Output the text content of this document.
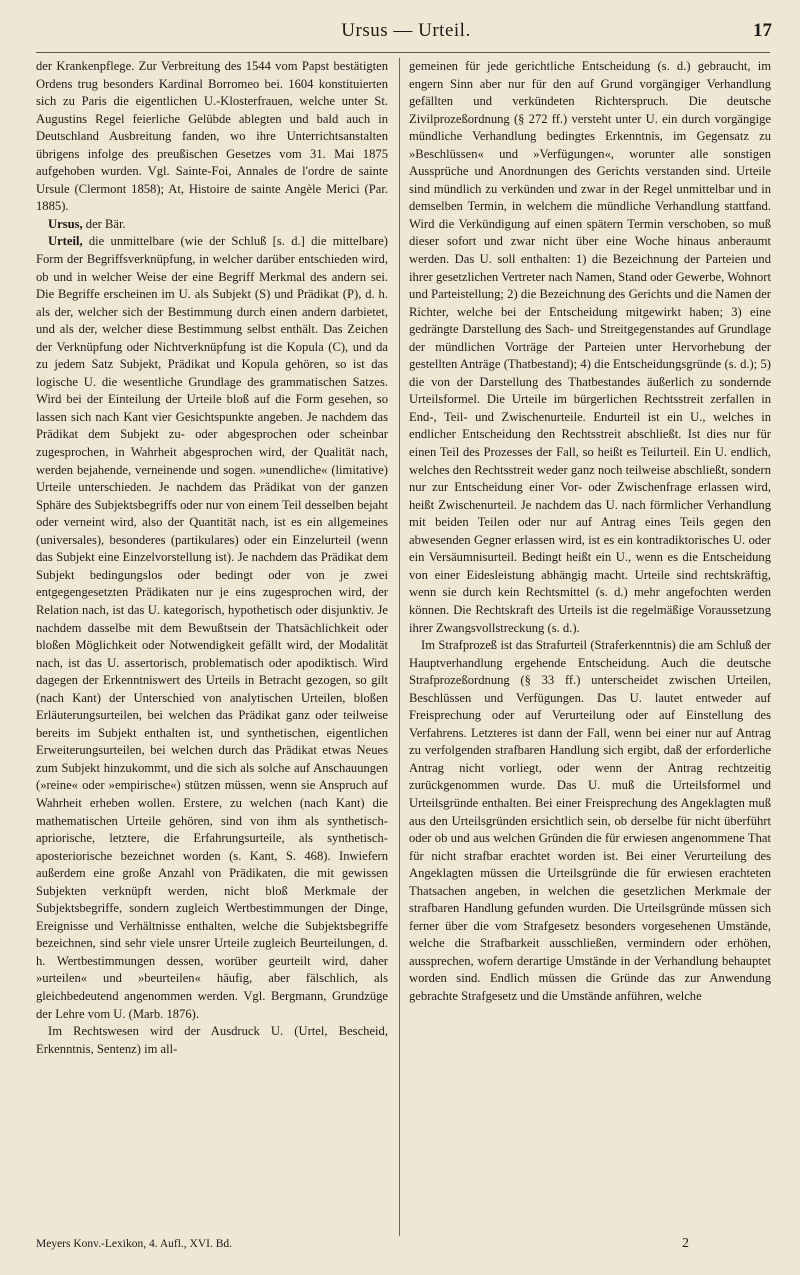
Ursus — Urteil.	17

der Krankenpflege. Zur Verbreitung des 1544 vom Papst bestätigten Ordens trug besonders Kardinal Borromeo bei. 1604 konstituierten sich zu Paris die eigentlichen U.-Klosterfrauen, welche unter St. Augustins Regel feierliche Gelübde ablegten und bald auch in Deutschland Ausbreitung fanden, wo ihre Unterrichtsanstalten übrigens infolge des preußischen Gesetzes vom 31. Mai 1875 aufgehoben wurden. Vgl. Sainte-Foi, Annales de l'ordre de sainte Ursule (Clermont 1858); At, Histoire de sainte Angèle Merici (Par. 1885).

Ursus, der Bär.

Urteil, die unmittelbare (wie der Schluß [s. d.] die mittelbare) Form der Begriffsverknüpfung, in welcher darüber entschieden wird, ob und in welcher Weise der eine Begriff Merkmal des andern sei. Die Begriffe erscheinen im U. als Subjekt (S) und Prädikat (P), d. h. als der, welcher sich der Bestimmung durch einen andern darbietet, und als der, welcher diese Bestimmung selbst enthält. Das Zeichen der Verknüpfung oder Nichtverknüpfung ist die Kopula (C), und da zu jedem Satz Subjekt, Prädikat und Kopula gehören, so ist das logische U. die wesentliche Grundlage des grammatischen Satzes. Wird bei der Einteilung der Urteile bloß auf die Form gesehen, so lassen sich nach Kant vier Gesichtspunkte angeben. Je nachdem das Prädikat dem Subjekt zu- oder abgesprochen oder scheinbar zugesprochen, in Wahrheit abgesprochen wird, der Qualität nach, werden bejahende, verneinende und sogen. »unendliche« (limitative) Urteile unterschieden. Je nachdem das Prädikat von der ganzen Sphäre des Subjektsbegriffs oder nur von einem Teil desselben bejaht oder verneint wird, also der Quantität nach, ist es ein allgemeines (universales), besonderes (partikulares) oder ein Einzelurteil (wenn das Subjekt eine Einzelvorstellung ist). Je nachdem das Prädikat dem Subjekt bedingungslos oder bedingt oder von je zwei entgegengesetzten Prädikaten nur je eins zugesprochen wird, der Relation nach, ist das U. kategorisch, hypothetisch oder disjunktiv. Je nachdem dasselbe mit dem Bewußtsein der Thatsächlichkeit oder bloßen Möglichkeit oder Notwendigkeit gefällt wird, der Modalität nach, ist das U. assertorisch, problematisch oder apodiktisch. Wird dagegen der Erkenntniswert des Urteils in Betracht gezogen, so gilt (nach Kant) der Unterschied von analytischen Urteilen, bloßen Erläuterungsurteilen, bei welchen das Prädikat ganz oder teilweise bereits im Subjekt enthalten ist, und synthetischen, eigentlichen Erweiterungsurteilen, bei welchen durch das Prädikat etwas Neues zum Subjekt hinzukommt, und die sich als solche auf Anschauungen (»reine« oder »empirische«) stützen müssen, wenn sie Anspruch auf Wahrheit erheben wollen. Erstere, zu welchen (nach Kant) die mathematischen Urteile gehören, sind von ihm als synthetisch-apriorische, letztere, die Erfahrungsurteile, als synthetisch-aposteriorische bezeichnet worden (s. Kant, S. 468). Inwiefern außerdem eine große Anzahl von Prädikaten, die mit gewissen Subjekten verknüpft werden, nicht bloß Merkmale der Subjektsbegriffe, sondern zugleich Wertbestimmungen der Dinge, Ereignisse und Verhältnisse enthalten, welche die Subjektsbegriffe bezeichnen, sind sehr viele unsrer Urteile zugleich Beurteilungen, d. h. Wertbestimmungen dessen, worüber geurteilt wird, daher »urteilen« und »beurteilen« häufig, aber fälschlich, als gleichbedeutend angenommen werden. Vgl. Bergmann, Grundzüge der Lehre vom U. (Marb. 1876).

Im Rechtswesen wird der Ausdruck U. (Urtel, Bescheid, Erkenntnis, Sentenz) im all-

gemeinen für jede gerichtliche Entscheidung (s. d.) gebraucht, im engern Sinn aber nur für den auf Grund vorgängiger Verhandlung gefällten und verkündeten Richterspruch. Die deutsche Zivilprozeßordnung (§ 272 ff.) versteht unter U. ein durch vorgängige mündliche Verhandlung bedingtes Erkenntnis, im Gegensatz zu »Beschlüssen« und »Verfügungen«, worunter alle sonstigen Aussprüche und Anordnungen des Gerichts verstanden sind. Urteile sind mündlich zu verkünden und zwar in der Regel unmittelbar und in demselben Termin, in welchem die mündliche Verhandlung stattfand. Wird die Verkündigung auf einen spätern Termin verschoben, so muß dieser sofort und zwar nicht über eine Woche hinaus anberaumt werden. Das U. soll enthalten: 1) die Bezeichnung der Parteien und ihrer gesetzlichen Vertreter nach Namen, Stand oder Gewerbe, Wohnort und Parteistellung; 2) die Bezeichnung des Gerichts und die Namen der Richter, welche bei der Entscheidung mitgewirkt haben; 3) eine gedrängte Darstellung des Sach- und Streitgegenstandes auf Grundlage der mündlichen Vorträge der Parteien unter Hervorhebung der gestellten Anträge (Thatbestand); 4) die Entscheidungsgründe (s. d.); 5) die von der Darstellung des Thatbestandes äußerlich zu sondernde Urteilsformel. Die Urteile im bürgerlichen Rechtsstreit zerfallen in End-, Teil- und Zwischenurteile. Endurteil ist ein U., welches in endlicher Entscheidung den Rechtsstreit abschließt. Ist dies nur für einen Teil des Prozesses der Fall, so heißt es Teilurteil. Ein U. endlich, welches den Rechtsstreit weder ganz noch teilweise abschließt, sondern nur zur Entscheidung einer Vor- oder Zwischenfrage erlassen wird, heißt Zwischenurteil. Je nachdem das U. nach förmlicher Verhandlung mit beiden Teilen oder nur auf Antrag eines Teils gegen den abwesenden Gegner erlassen wird, ist es ein kontradiktorisches U. oder ein Versäumnisurteil. Bedingt heißt ein U., wenn es die Entscheidung von einer Eidesleistung abhängig macht. Urteile sind rechtskräftig, wenn sie durch kein Rechtsmittel (s. d.) mehr angefochten werden können. Die Rechtskraft des Urteils ist die regelmäßige Voraussetzung ihrer Zwangsvollstreckung (s. d.).

Im Strafprozeß ist das Strafurteil (Straferkenntnis) die am Schluß der Hauptverhandlung ergehende Entscheidung. Auch die deutsche Strafprozeßordnung (§ 33 ff.) unterscheidet zwischen Urteilen, Beschlüssen und Verfügungen. Das U. lautet entweder auf Freisprechung oder auf Verurteilung oder auf Einstellung des Verfahrens. Letzteres ist dann der Fall, wenn bei einer nur auf Antrag zu verfolgenden strafbaren Handlung sich ergibt, daß der erforderliche Antrag nicht vorliegt, oder wenn der Antrag rechtzeitig zurückgenommen wurde. Das U. muß die Urteilsformel und Urteilsgründe enthalten. Bei einer Freisprechung des Angeklagten muß aus den Urteilsgründen ersichtlich sein, ob derselbe für nicht überführt oder ob und aus welchen Gründen die für erwiesen angenommene That für nicht strafbar erachtet worden ist. Bei einer Verurteilung des Angeklagten müssen die Urteilsgründe die für erwiesen erachteten Thatsachen angeben, in welchen die gesetzlichen Merkmale der strafbaren Handlung gefunden wurden. Die Urteilsgründe müssen sich ferner über die vom Strafgesetz besonders vorgesehenen Umstände, welche die Strafbarkeit ausschließen, vermindern oder erhöhen, aussprechen, wofern derartige Umstände in der Verhandlung behauptet worden sind. Endlich müssen die Gründe das zur Anwendung gebrachte Strafgesetz und die Umstände anführen, welche

Meyers Konv.-Lexikon, 4. Aufl., XVI. Bd.	2
